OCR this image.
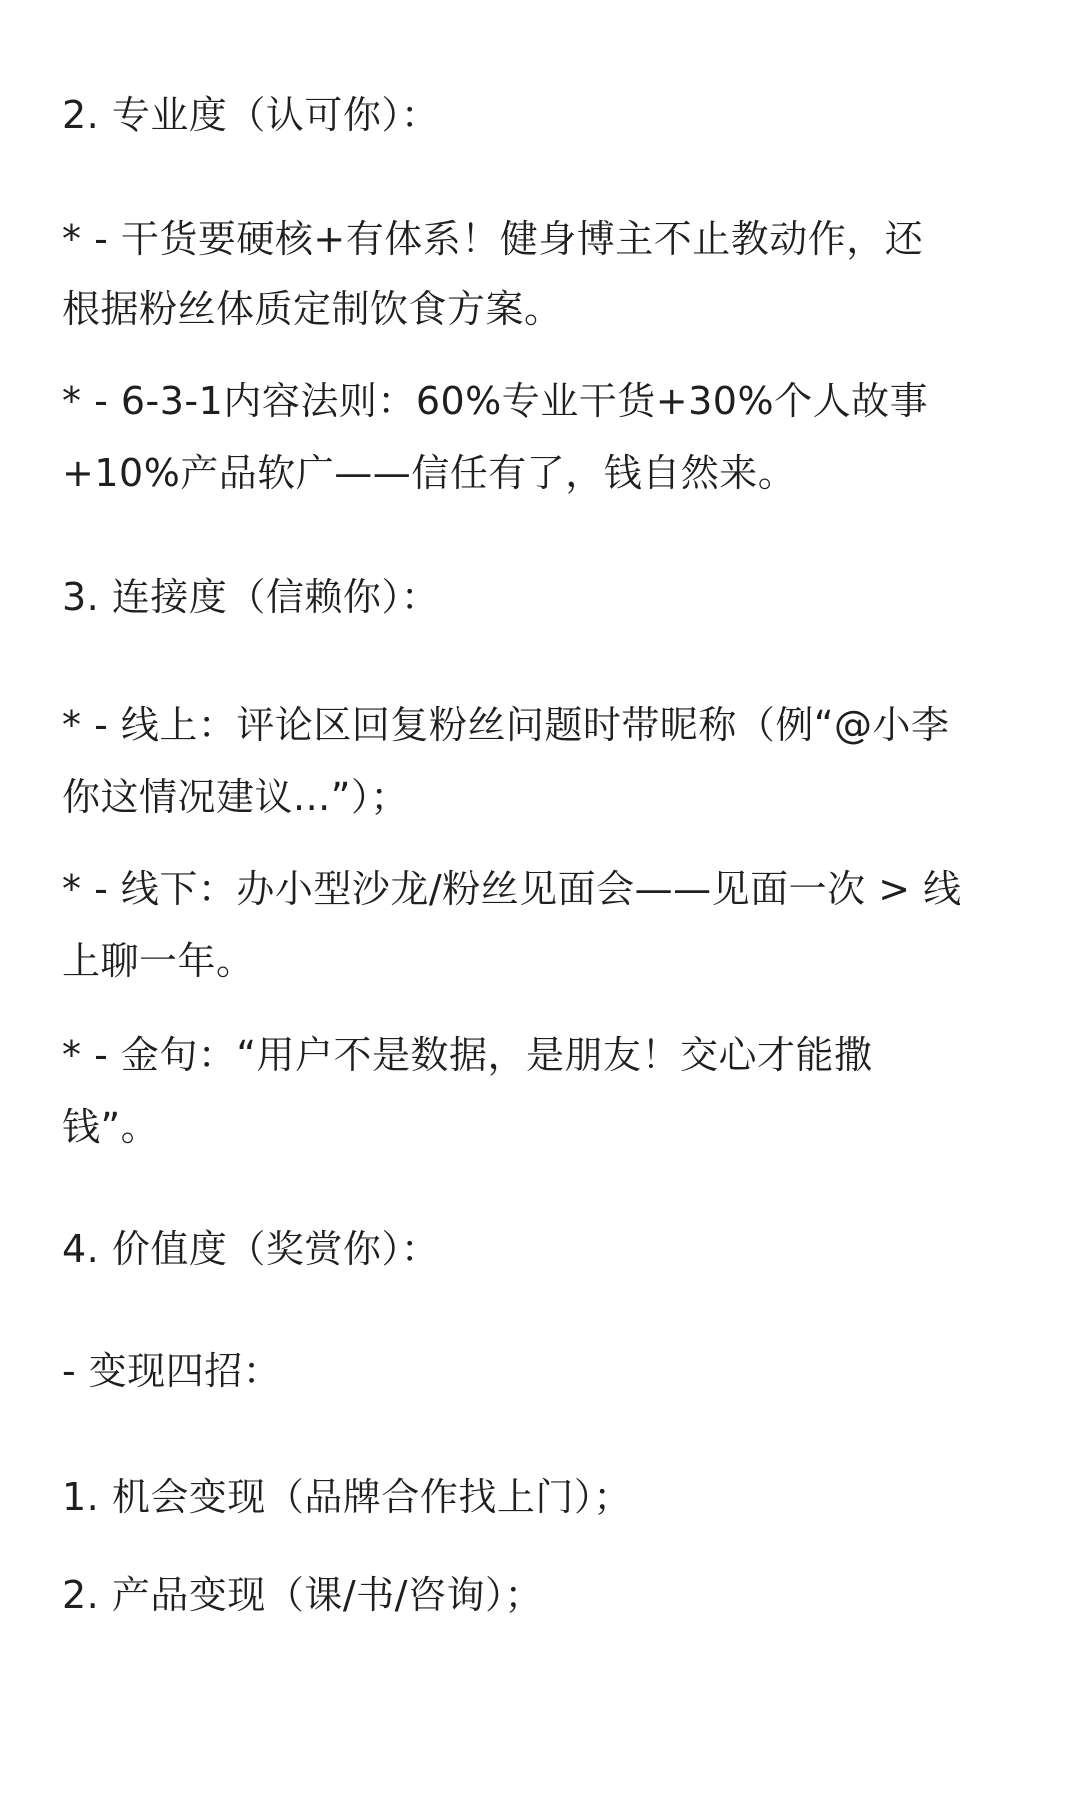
2. 专业度（认可你）：
* - 干货要硬核+有体系！健身博主不止教动作，还
根据粉丝体质定制饮食方案。
* - 6-3-1内容法则：60%专业干货+30%个人故事
+10%产品软广——信任有了，钱自然来。
3. 连接度（信赖你）：
* - 线上：评论区回复粉丝问题时带昵称（例“@小李
你这情况建议...”）；
* - 线下：办小型沙龙/粉丝见面会——见面一次 > 线
上聊一年。
* - 金句：“用户不是数据，是朋友！交心才能撒
钱”。
4. 价值度（奖赏你）：
- 变现四招：
1. 机会变现（品牌合作找上门）；
2. 产品变现（课/书/咨询）；
